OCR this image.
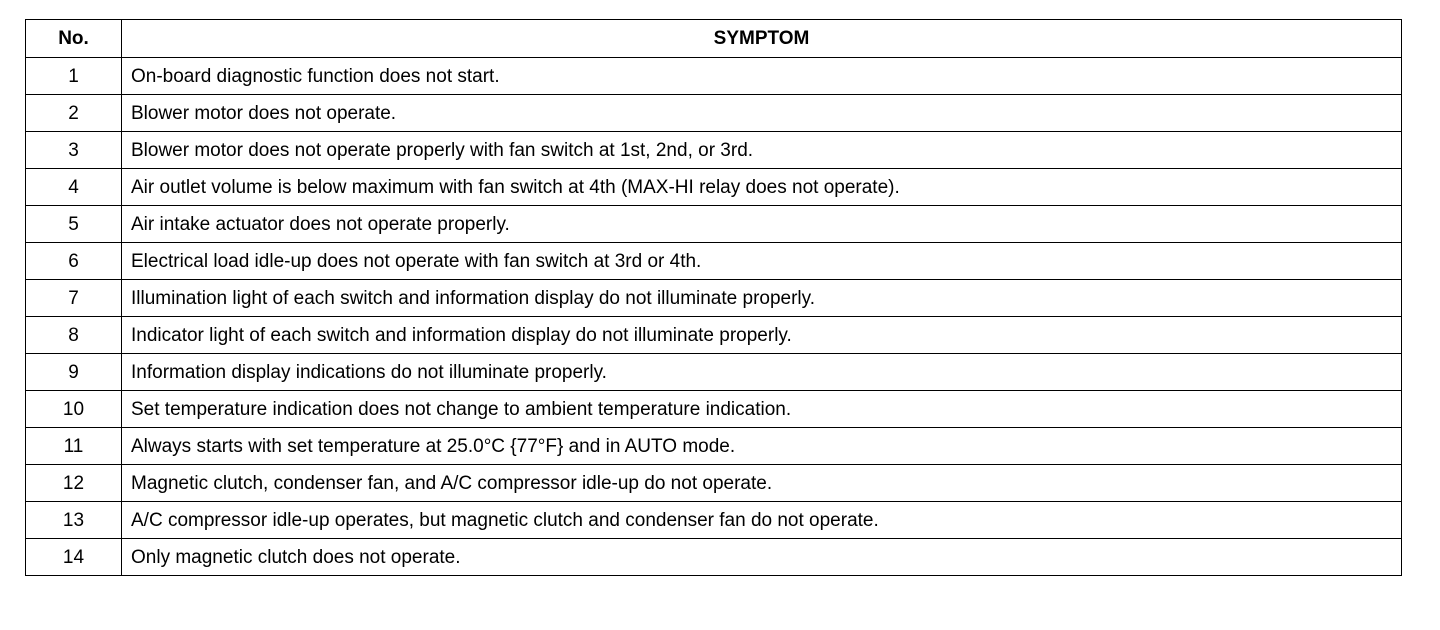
No.	SYMPTOM
1	On-board diagnostic function does not start.
2	Blower motor does not operate.
3	Blower motor does not operate properly with fan switch at 1st, 2nd, or 3rd.
4	Air outlet volume is below maximum with fan switch at 4th (MAX-HI relay does not operate).
5	Air intake actuator does not operate properly.
6	Electrical load idle-up does not operate with fan switch at 3rd or 4th.
7	Illumination light of each switch and information display do not illuminate properly.
8	Indicator light of each switch and information display do not illuminate properly.
9	Information display indications do not illuminate properly.
10	Set temperature indication does not change to ambient temperature indication.
11	Always starts with set temperature at 25.0°C {77°F} and in AUTO mode.
12	Magnetic clutch, condenser fan, and A/C compressor idle-up do not operate.
13	A/C compressor idle-up operates, but magnetic clutch and condenser fan do not operate.
14	Only magnetic clutch does not operate.
